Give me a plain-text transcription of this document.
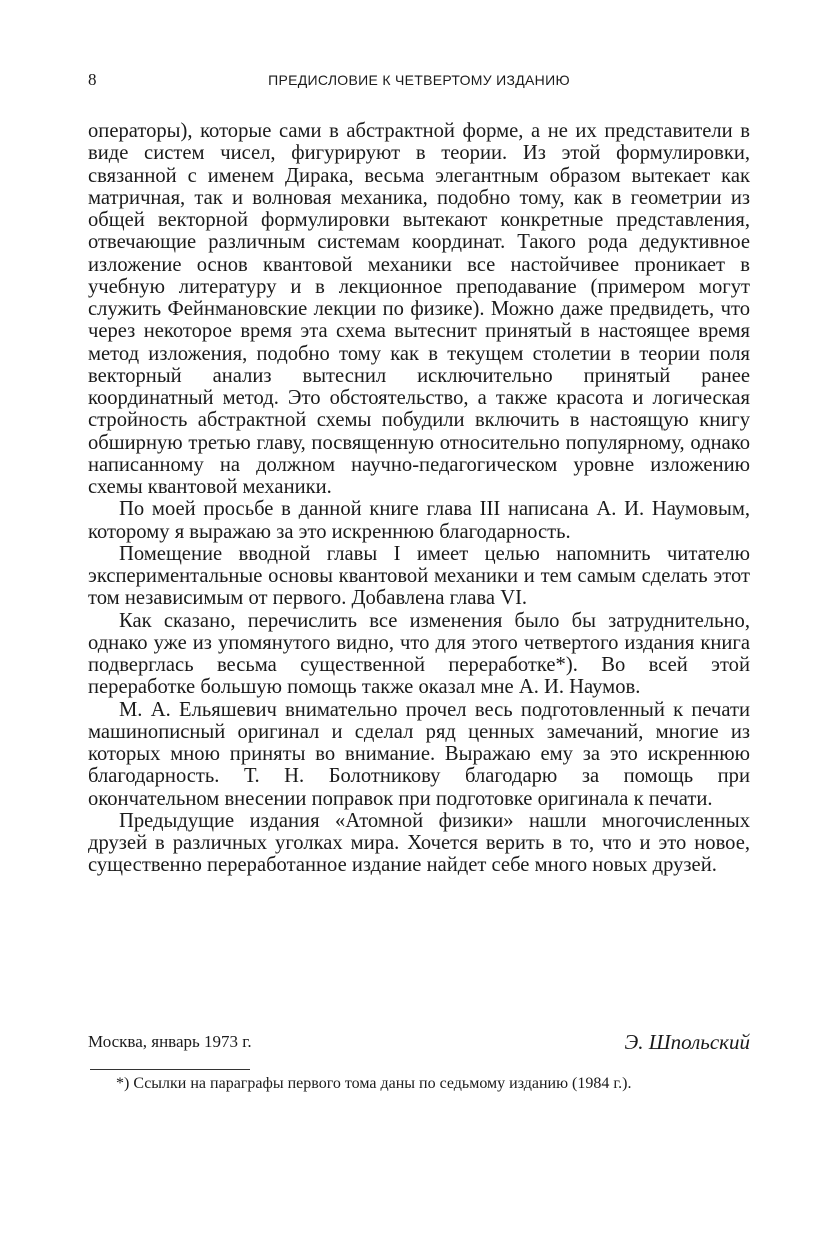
8	ПРЕДИСЛОВИЕ К ЧЕТВЕРТОМУ ИЗДАНИЮ

операторы), которые сами в абстрактной форме, а не их представители в виде систем чисел, фигурируют в теории. Из этой формулировки, связанной с именем Дирака, весьма элегантным образом вытекает как матричная, так и волновая механика, подобно тому, как в геометрии из общей векторной формулировки вытекают конкретные представления, отвечающие различным системам координат. Такого рода дедуктивное изложение основ квантовой механики все настойчивее проникает в учебную литературу и в лекционное преподавание (примером могут служить Фейнмановские лекции по физике). Можно даже предвидеть, что через некоторое время эта схема вытеснит принятый в настоящее время метод изложения, подобно тому как в текущем столетии в теории поля векторный анализ вытеснил исключительно принятый ранее координатный метод. Это обстоятельство, а также красота и логическая стройность абстрактной схемы побудили включить в настоящую книгу обширную третью главу, посвященную относительно популярному, однако написанному на должном научно-педагогическом уровне изложению схемы квантовой механики.

По моей просьбе в данной книге глава III написана А. И. Наумовым, которому я выражаю за это искреннюю благодарность.

Помещение вводной главы I имеет целью напомнить читателю экспериментальные основы квантовой механики и тем самым сделать этот том независимым от первого. Добавлена глава VI.

Как сказано, перечислить все изменения было бы затруднительно, однако уже из упомянутого видно, что для этого четвертого издания книга подверглась весьма существенной переработке*). Во всей этой переработке большую помощь также оказал мне А. И. Наумов.

М. А. Ельяшевич внимательно прочел весь подготовленный к печати машинописный оригинал и сделал ряд ценных замечаний, многие из которых мною приняты во внимание. Выражаю ему за это искреннюю благодарность. Т. Н. Болотникову благодарю за помощь при окончательном внесении поправок при подготовке оригинала к печати.

Предыдущие издания «Атомной физики» нашли многочисленных друзей в различных уголках мира. Хочется верить в то, что и это новое, существенно переработанное издание найдет себе много новых друзей.

Москва, январь 1973 г.	Э. Шпольский

*) Ссылки на параграфы первого тома даны по седьмому изданию (1984 г.).
